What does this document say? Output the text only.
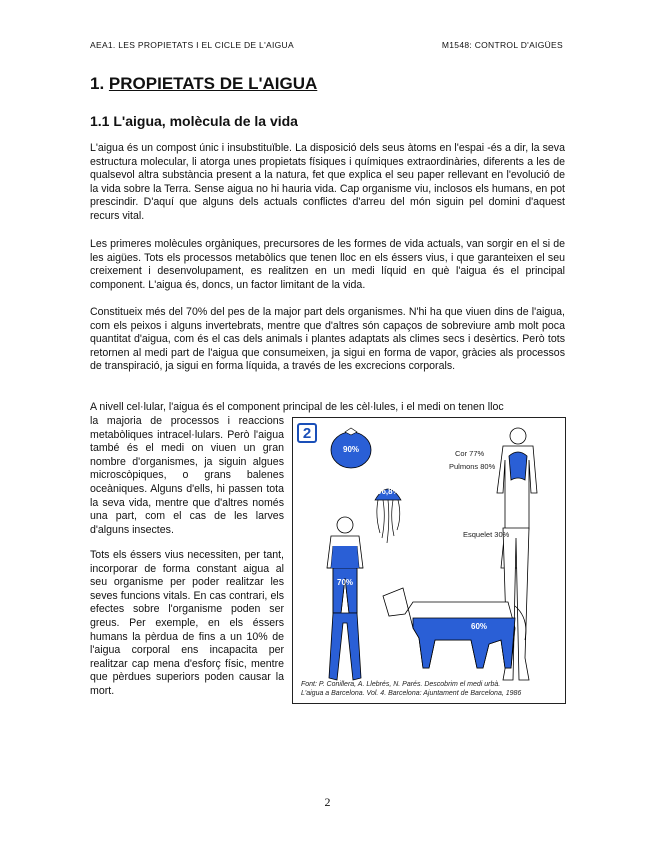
AEA1. LES PROPIETATS I EL CICLE DE L'AIGUA	M1548: CONTROL D'AIGÜES
1. PROPIETATS DE L'AIGUA
1.1 L'aigua, molècula de la vida

L'aigua és un compost únic i insubstituïble. La disposició dels seus àtoms en l'espai -és a dir, la seva estructura molecular, li atorga unes propietats físiques i químiques extraordinàries, diferents a les de qualsevol altra substància present a la natura, fet que explica el seu paper rellevant en l'evolució de la vida sobre la Terra. Sense aigua no hi hauria vida. Cap organisme viu, inclosos els humans, en pot prescindir. D'aquí que alguns dels actuals conflictes d'arreu del món siguin pel domini d'aquest recurs vital.

Les primeres molècules orgàniques, precursores de les formes de vida actuals, van sorgir en el si de les aigües. Tots els processos metabòlics que tenen lloc en els éssers vius, i que garanteixen el seu creixement i desenvolupament, es realitzen en un medi líquid en què l'aigua és el principal component. L'aigua és, doncs, un factor limitant de la vida.

Constitueix més del 70% del pes de la major part dels organismes. N'hi ha que viuen dins de l'aigua, com els peixos i alguns invertebrats, mentre que d'altres són capaços de sobreviure amb molt poca quantitat d'aigua, com és el cas dels animals i plantes adaptats als climes secs i desèrtics. Però tots retornen al medi part de l'aigua que consumeixen, ja sigui en forma de vapor, gràcies als processos de transpiració, ja sigui en forma líquida, a través de les excrecions corporals.

A nivell cel·lular, l'aigua és el component principal de les cèl·lules, i el medi on tenen lloc

la majoria de processos i reaccions metabòliques intracel·lulars. Però l'aigua també és el medi on viuen un gran nombre d'organismes, ja siguin algues microscòpiques, o grans balenes oceàniques. Alguns d'ells, hi passen tota la seva vida, mentre que d'altres només una part, com el cas de les larves d'alguns insectes.

Tots els éssers vius necessiten, per tant, incorporar de forma constant aigua al seu organisme per poder realitzar les seves funcions vitals. En cas contrari, els efectes sobre l'organisme poden ser greus. Per exemple, en els éssers humans la pèrdua de fins a un 10% de l'aigua corporal ens incapacita per realitzar cap mena d'esforç físic, mentre que pèrdues superiors poden causar la mort.

2
90%
96,8%
70%
60%
Cor 77%
Pulmons 80%
Esquelet 30%
Font: P. Conillera, A. Llebrés, N. Parés. Descobrim el medi urbà.
L'aigua a Barcelona. Vol. 4. Barcelona: Ajuntament de Barcelona, 1986
2
